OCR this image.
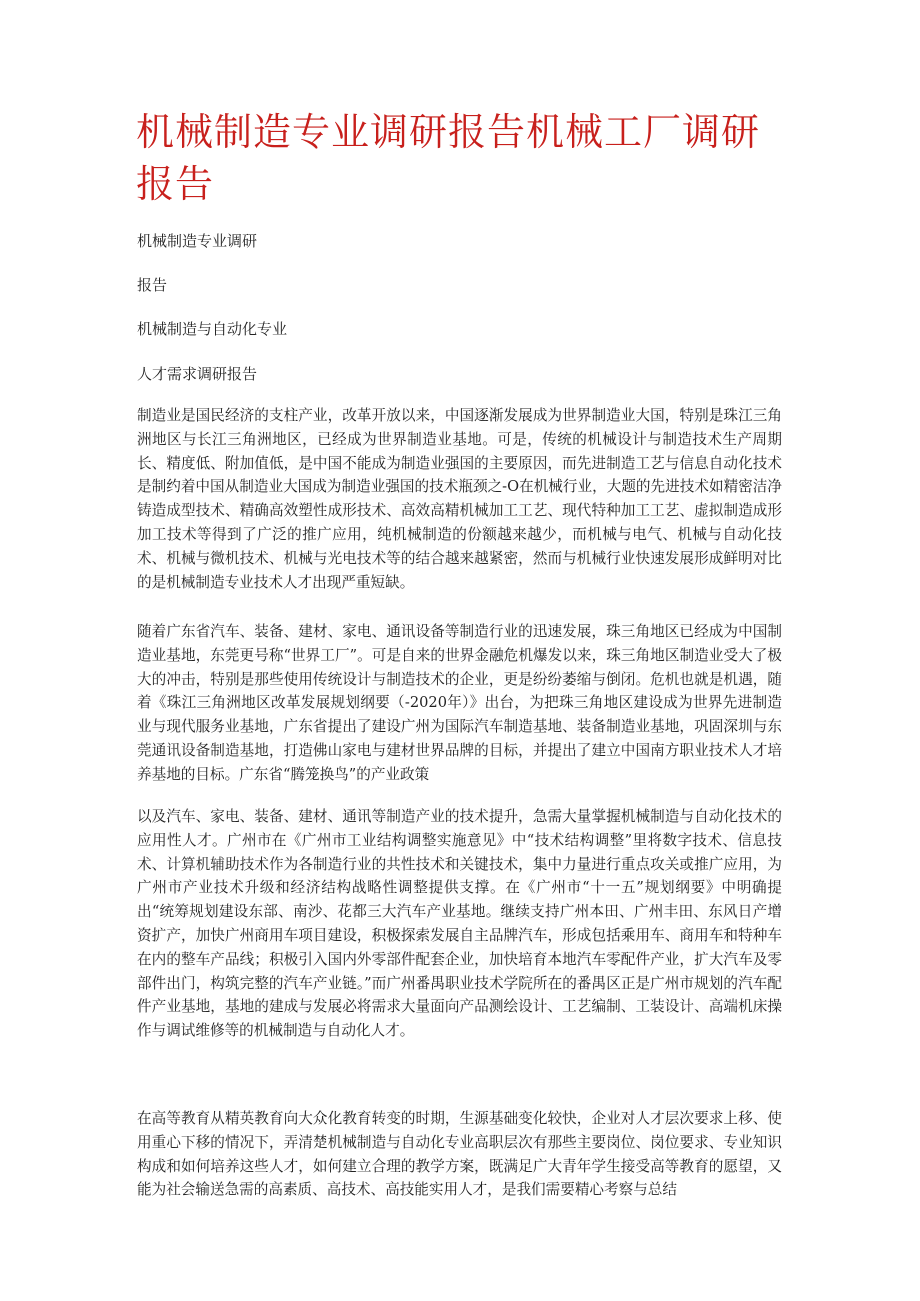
机械制造专业调研报告机械工厂调研报告

机械制造专业调研

报告

机械制造与自动化专业

人才需求调研报告

制造业是国民经济的支柱产业，改革开放以来，中国逐渐发展成为世界制造业大国，特别是珠江三角洲地区与长江三角洲地区，已经成为世界制造业基地。可是，传统的机械设计与制造技术生产周期长、精度低、附加值低，是中国不能成为制造业强国的主要原因，而先进制造工艺与信息自动化技术是制约着中国从制造业大国成为制造业强国的技术瓶颈之-O在机械行业，大题的先进技术如精密洁净铸造成型技术、精确高效塑性成形技术、高效高精机械加工工艺、现代特种加工工艺、虚拟制造成形加工技术等得到了广泛的推广应用，纯机械制造的份额越来越少，而机械与电气、机械与自动化技术、机械与微机技术、机械与光电技术等的结合越来越紧密，然而与机械行业快速发展形成鲜明对比的是机械制造专业技术人才出现严重短缺。

随着广东省汽车、装备、建材、家电、通讯设备等制造行业的迅速发展，珠三角地区已经成为中国制造业基地，东莞更号称“世界工厂”。可是自来的世界金融危机爆发以来，珠三角地区制造业受大了极大的冲击，特别是那些使用传统设计与制造技术的企业，更是纷纷萎缩与倒闭。危机也就是机遇，随着《珠江三角洲地区改革发展规划纲要（-2020年）》出台，为把珠三角地区建设成为世界先进制造业与现代服务业基地，广东省提出了建设广州为国际汽车制造基地、装备制造业基地，巩固深圳与东莞通讯设备制造基地，打造佛山家电与建材世界品牌的目标，并提出了建立中国南方职业技术人才培养基地的目标。广东省“腾笼换鸟”的产业政策

以及汽车、家电、装备、建材、通讯等制造产业的技术提升，急需大量掌握机械制造与自动化技术的应用性人才。广州市在《广州市工业结构调整实施意见》中“技术结构调整”里将数字技术、信息技术、计算机辅助技术作为各制造行业的共性技术和关键技术，集中力量进行重点攻关或推广应用，为广州市产业技术升级和经济结构战略性调整提供支撑。在《广州市“十一五”规划纲要》中明确提出“统筹规划建设东部、南沙、花都三大汽车产业基地。继续支持广州本田、广州丰田、东风日产增资扩产，加快广州商用车项目建设，积极探索发展自主品牌汽车，形成包括乘用车、商用车和特种车在内的整车产品线；积极引入国内外零部件配套企业，加快培育本地汽车零配件产业，扩大汽车及零部件出门，构筑完整的汽车产业链。”而广州番禺职业技术学院所在的番禺区正是广州市规划的汽车配件产业基地，基地的建成与发展必将需求大量面向产品测绘设计、工艺编制、工装设计、高端机床操作与调试维修等的机械制造与自动化人才。

在高等教育从精英教育向大众化教育转变的时期，生源基础变化较快，企业对人才层次要求上移、使用重心下移的情况下，弄清楚机械制造与自动化专业高职层次有那些主要岗位、岗位要求、专业知识构成和如何培养这些人才，如何建立合理的教学方案，既满足广大青年学生接受高等教育的愿望，又能为社会输送急需的高素质、高技术、高技能实用人才，是我们需要精心考察与总结
